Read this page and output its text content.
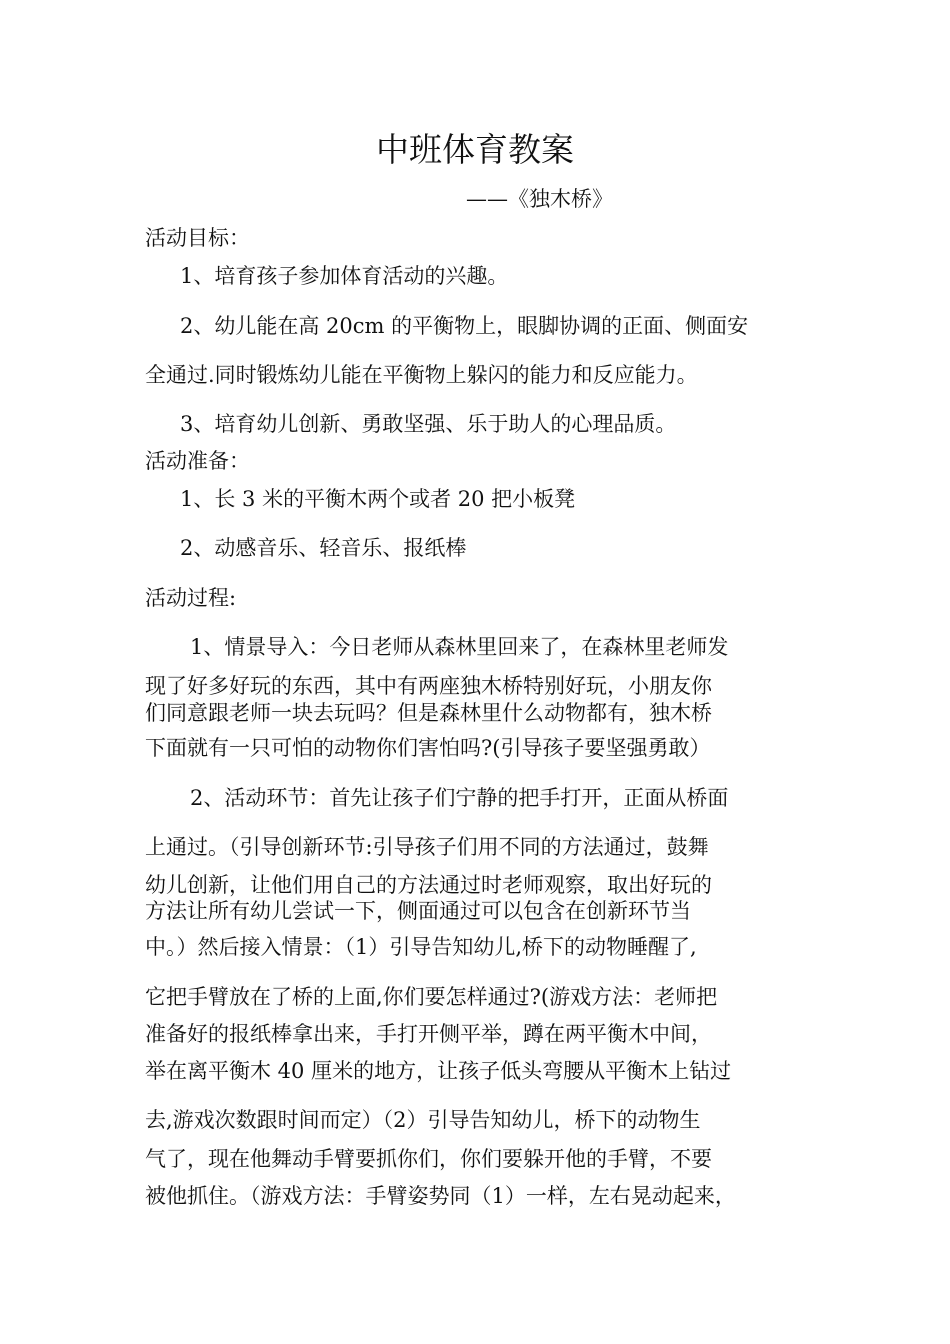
中班体育教案
——《独木桥》
活动目标：
1、培育孩子参加体育活动的兴趣。
2、幼儿能在高 20cm 的平衡物上，眼脚协调的正面、侧面安
全通过.同时锻炼幼儿能在平衡物上躲闪的能力和反应能力。
3、培育幼儿创新、勇敢坚强、乐于助人的心理品质。
活动准备：
1、长 3 米的平衡木两个或者 20 把小板凳
2、动感音乐、轻音乐、报纸棒
活动过程:
1、情景导入：今日老师从森林里回来了，在森林里老师发
现了好多好玩的东西，其中有两座独木桥特别好玩，小朋友你
们同意跟老师一块去玩吗？但是森林里什么动物都有，独木桥
下面就有一只可怕的动物你们害怕吗?(引导孩子要坚强勇敢）
2、活动环节：首先让孩子们宁静的把手打开，正面从桥面
上通过。（引导创新环节:引导孩子们用不同的方法通过，鼓舞
幼儿创新，让他们用自己的方法通过时老师观察，取出好玩的
方法让所有幼儿尝试一下，侧面通过可以包含在创新环节当
中。）然后接入情景：（1）引导告知幼儿,桥下的动物睡醒了,
它把手臂放在了桥的上面,你们要怎样通过?(游戏方法：老师把
准备好的报纸棒拿出来，手打开侧平举，蹲在两平衡木中间，
举在离平衡木 40 厘米的地方，让孩子低头弯腰从平衡木上钻过
去,游戏次数跟时间而定）（2）引导告知幼儿，桥下的动物生
气了，现在他舞动手臂要抓你们，你们要躲开他的手臂，不要
被他抓住。（游戏方法：手臂姿势同（1）一样，左右晃动起来，
